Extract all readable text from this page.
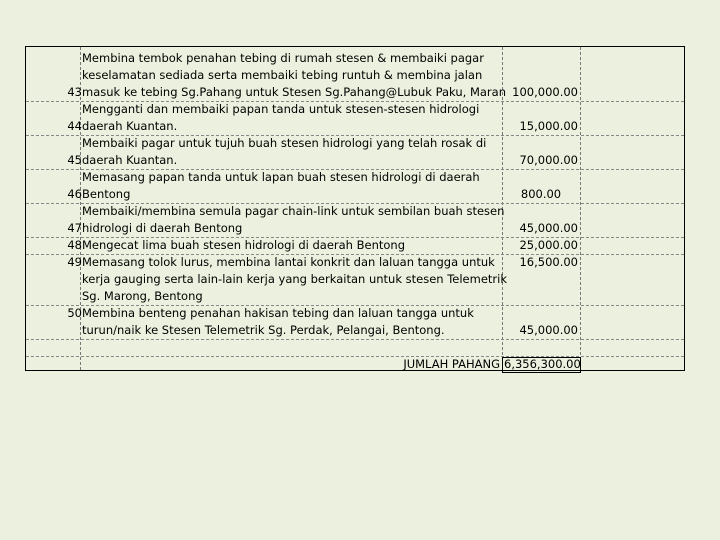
43
Membina tembok penahan tebing di rumah stesen & membaiki pagar
keselamatan sediada serta membaiki tebing runtuh & membina jalan
masuk ke tebing Sg.Pahang untuk Stesen Sg.Pahang@Lubuk Paku, Maran 100,000.00
44
Mengganti dan membaiki papan tanda untuk stesen-stesen hidrologi
daerah Kuantan.	15,000.00
45
Membaiki pagar untuk tujuh buah stesen hidrologi yang telah rosak di
daerah Kuantan.	70,000.00
46
Memasang papan tanda untuk lapan buah stesen hidrologi di daerah
Bentong	800.00
47
Membaiki/membina semula pagar chain-link untuk sembilan buah stesen
hidrologi di daerah Bentong	45,000.00
48 Mengecat lima buah stesen hidrologi di daerah Bentong	25,000.00
49 Memasang tolok lurus, membina lantai konkrit dan laluan tangga untuk
kerja gauging serta lain-lain kerja yang berkaitan untuk stesen Telemetrik
Sg. Marong, Bentong
16,500.00
50 Membina benteng penahan hakisan tebing dan laluan tangga untuk
turun/naik ke Stesen Telemetrik Sg. Perdak, Pelangai, Bentong.	45,000.00
JUMLAH PAHANG 6,356,300.00
